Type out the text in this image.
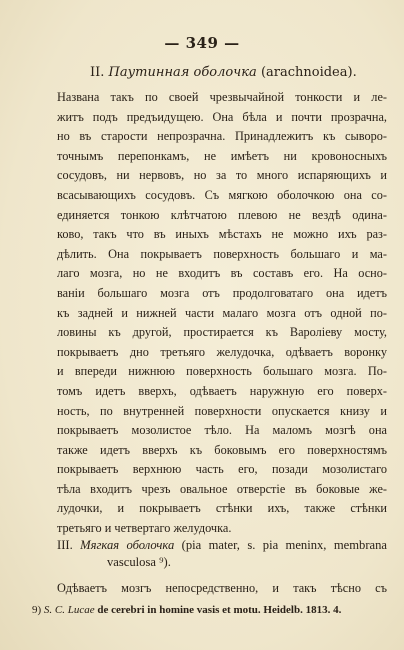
— 349 —
II. Паутинная оболочка (arachnoidea).
Названа такъ по своей чрезвычайной тонкости и ле-
житъ подъ предъидущею. Она бѣла и почти прозрачна,
но въ старости непрозрачна. Принадлежитъ къ сыворо-
точнымъ перепонкамъ, не имѣетъ ни кровоносныхъ
сосудовъ, ни нервовъ, но за то много испаряющихъ и
всасывающихъ сосудовъ. Съ мягкою оболочкою она со-
единяется тонкою клѣтчатою плевою не вездѣ одина-
ково, такъ что въ иныхъ мѣстахъ не можно ихъ раз-
дѣлить. Она покрываетъ поверхность большаго и ма-
лаго мозга, но не входитъ въ составъ его. На осно-
ваніи большаго мозга отъ продолговатаго она идетъ
къ задней и нижней части малаго мозга отъ одной по-
ловины къ другой, простирается къ Вароліеву мосту,
покрываетъ дно третьяго желудочка, одѣваетъ воронку
и впереди нижнюю поверхность большаго мозга. По-
томъ идетъ вверхъ, одѣваетъ наружную его поверх-
ность, по внутренней поверхности опускается книзу и
покрываетъ мозолистое тѣло. На маломъ мозгѣ она
также идетъ вверхъ къ боковымъ его поверхностямъ
покрываетъ верхнюю часть его, позади мозолистаго
тѣла входитъ чрезъ овальное отверстіе въ боковые же-
лудочки, и покрываетъ стѣнки ихъ, также стѣнки
третьяго и четвертаго желудочка.
III. Мягкая оболочка (pia mater, s. pia meninx, membrana
vasculosa ⁹).
Одѣваетъ мозгъ непосредственно, и такъ тѣсно съ
9) S. C. Lucae de cerebri in homine vasis et motu. Heidelb. 1813. 4.
